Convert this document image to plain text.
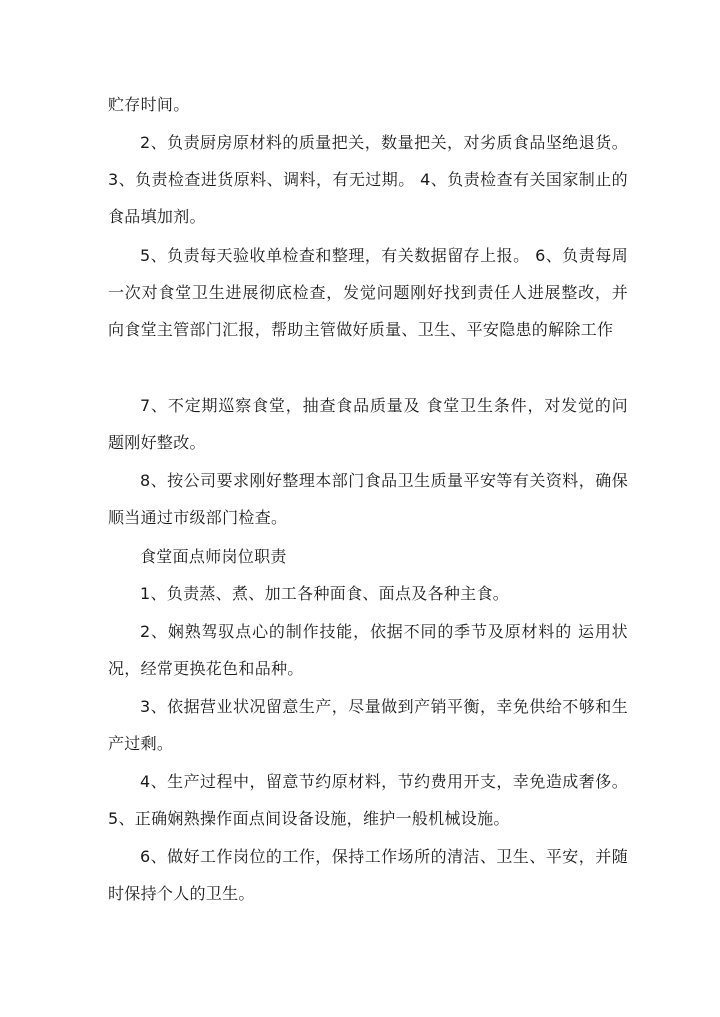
贮存时间。

2、负责厨房原材料的质量把关，数量把关，对劣质食品坚绝退货。 3、负责检查进货原料、调料，有无过期。 4、负责检查有关国家制止的食品填加剂。

5、负责每天验收单检查和整理，有关数据留存上报。 6、负责每周一次对食堂卫生进展彻底检查，发觉问题刚好找到责任人进展整改，并向食堂主管部门汇报，帮助主管做好质量、卫生、平安隐患的解除工作

7、不定期巡察食堂，抽查食品质量及 食堂卫生条件，对发觉的问题刚好整改。

8、按公司要求刚好整理本部门食品卫生质量平安等有关资料，确保顺当通过市级部门检查。

食堂面点师岗位职责

1、负责蒸、煮、加工各种面食、面点及各种主食。

2、娴熟驾驭点心的制作技能，依据不同的季节及原材料的 运用状况，经常更换花色和品种。

3、依据营业状况留意生产，尽量做到产销平衡，幸免供给不够和生产过剩。

4、生产过程中，留意节约原材料，节约费用开支，幸免造成奢侈。 5、正确娴熟操作面点间设备设施，维护一般机械设施。

6、做好工作岗位的工作，保持工作场所的清洁、卫生、平安，并随时保持个人的卫生。
